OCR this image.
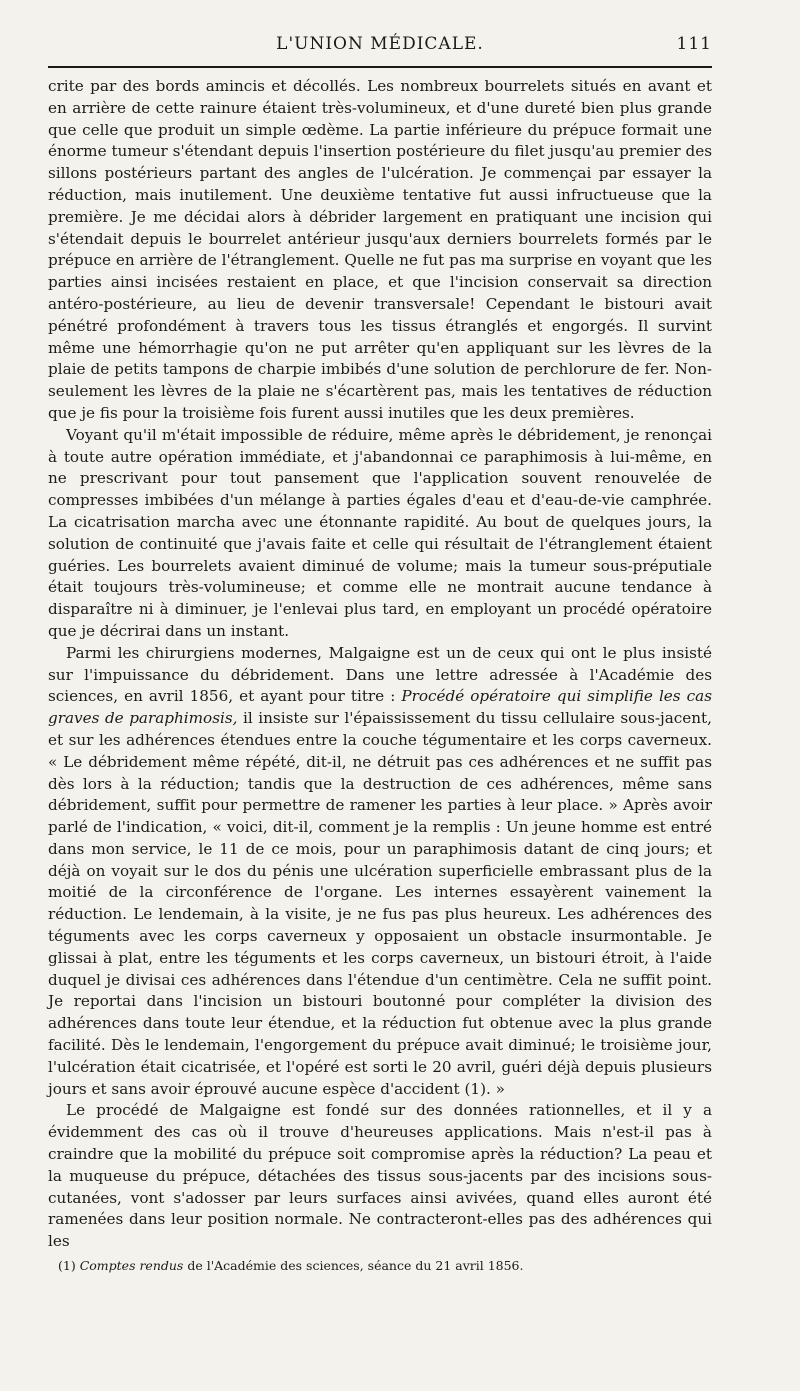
L'UNION MÉDICALE.	111

crite par des bords amincis et décollés. Les nombreux bourrelets situés en avant et en arrière de cette rainure étaient très-volumineux, et d'une dureté bien plus grande que celle que produit un simple œdème. La partie inférieure du prépuce formait une énorme tumeur s'étendant depuis l'insertion postérieure du filet jusqu'au premier des sillons postérieurs partant des angles de l'ulcération. Je commençai par essayer la réduction, mais inutilement. Une deuxième tentative fut aussi infructueuse que la première. Je me décidai alors à débrider largement en pratiquant une incision qui s'étendait depuis le bourrelet antérieur jusqu'aux derniers bourrelets formés par le prépuce en arrière de l'étranglement. Quelle ne fut pas ma surprise en voyant que les parties ainsi incisées restaient en place, et que l'incision conservait sa direction antéro-postérieure, au lieu de devenir transversale! Cependant le bistouri avait pénétré profondément à travers tous les tissus étranglés et engorgés. Il survint même une hémorrhagie qu'on ne put arrêter qu'en appliquant sur les lèvres de la plaie de petits tampons de charpie imbibés d'une solution de perchlorure de fer. Non-seulement les lèvres de la plaie ne s'écartèrent pas, mais les tentatives de réduction que je fis pour la troisième fois furent aussi inutiles que les deux premières.

Voyant qu'il m'était impossible de réduire, même après le débridement, je renonçai à toute autre opération immédiate, et j'abandonnai ce paraphimosis à lui-même, en ne prescrivant pour tout pansement que l'application souvent renouvelée de compresses imbibées d'un mélange à parties égales d'eau et d'eau-de-vie camphrée. La cicatrisation marcha avec une étonnante rapidité. Au bout de quelques jours, la solution de continuité que j'avais faite et celle qui résultait de l'étranglement étaient guéries. Les bourrelets avaient diminué de volume; mais la tumeur sous-préputiale était toujours très-volumineuse; et comme elle ne montrait aucune tendance à disparaître ni à diminuer, je l'enlevai plus tard, en employant un procédé opératoire que je décrirai dans un instant.

Parmi les chirurgiens modernes, Malgaigne est un de ceux qui ont le plus insisté sur l'impuissance du débridement. Dans une lettre adressée à l'Académie des sciences, en avril 1856, et ayant pour titre : Procédé opératoire qui simplifie les cas graves de paraphimosis, il insiste sur l'épaississement du tissu cellulaire sous-jacent, et sur les adhérences étendues entre la couche tégumentaire et les corps caverneux. « Le débridement même répété, dit-il, ne détruit pas ces adhérences et ne suffit pas dès lors à la réduction; tandis que la destruction de ces adhérences, même sans débridement, suffit pour permettre de ramener les parties à leur place. » Après avoir parlé de l'indication, « voici, dit-il, comment je la remplis : Un jeune homme est entré dans mon service, le 11 de ce mois, pour un paraphimosis datant de cinq jours; et déjà on voyait sur le dos du pénis une ulcération superficielle embrassant plus de la moitié de la circonférence de l'organe. Les internes essayèrent vainement la réduction. Le lendemain, à la visite, je ne fus pas plus heureux. Les adhérences des téguments avec les corps caverneux y opposaient un obstacle insurmontable. Je glissai à plat, entre les téguments et les corps caverneux, un bistouri étroit, à l'aide duquel je divisai ces adhérences dans l'étendue d'un centimètre. Cela ne suffit point. Je reportai dans l'incision un bistouri boutonné pour compléter la division des adhérences dans toute leur étendue, et la réduction fut obtenue avec la plus grande facilité. Dès le lendemain, l'engorgement du prépuce avait diminué; le troisième jour, l'ulcération était cicatrisée, et l'opéré est sorti le 20 avril, guéri déjà depuis plusieurs jours et sans avoir éprouvé aucune espèce d'accident (1). »

Le procédé de Malgaigne est fondé sur des données rationnelles, et il y a évidemment des cas où il trouve d'heureuses applications. Mais n'est-il pas à craindre que la mobilité du prépuce soit compromise après la réduction? La peau et la muqueuse du prépuce, détachées des tissus sous-jacents par des incisions sous-cutanées, vont s'adosser par leurs surfaces ainsi avivées, quand elles auront été ramenées dans leur position normale. Ne contracteront-elles pas des adhérences qui les

(1) Comptes rendus de l'Académie des sciences, séance du 21 avril 1856.
